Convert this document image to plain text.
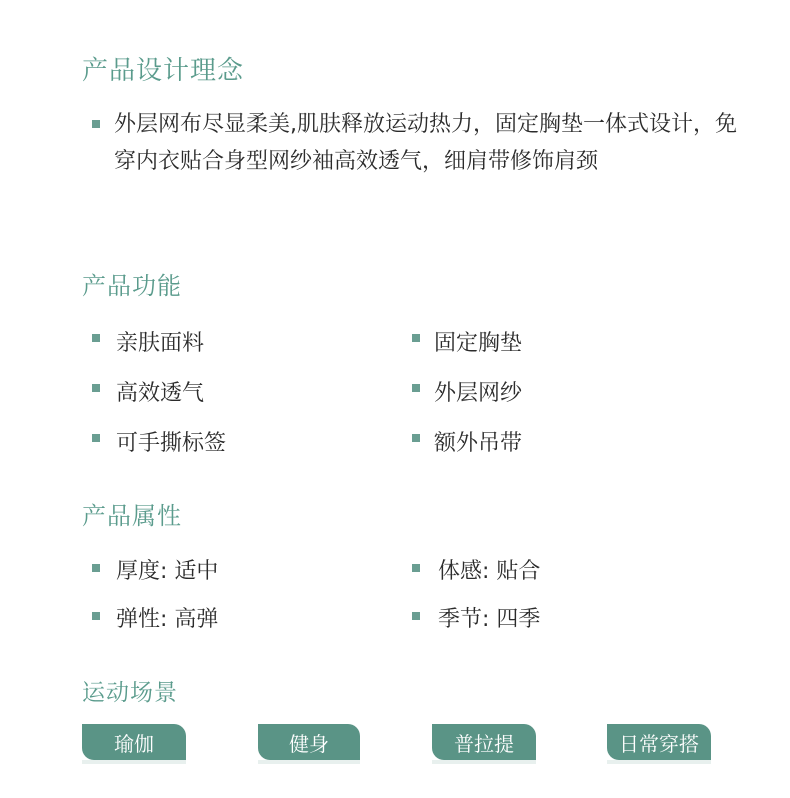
产品设计理念
外层网布尽显柔美,肌肤释放运动热力，固定胸垫一体式设计，免穿内衣贴合身型网纱袖高效透气，细肩带修饰肩颈
产品功能
亲肤面料	固定胸垫
高效透气	外层网纱
可手撕标签	额外吊带
产品属性
厚度: 适中	体感: 贴合
弹性: 高弹	季节: 四季
运动场景
瑜伽	健身	普拉提	日常穿搭
